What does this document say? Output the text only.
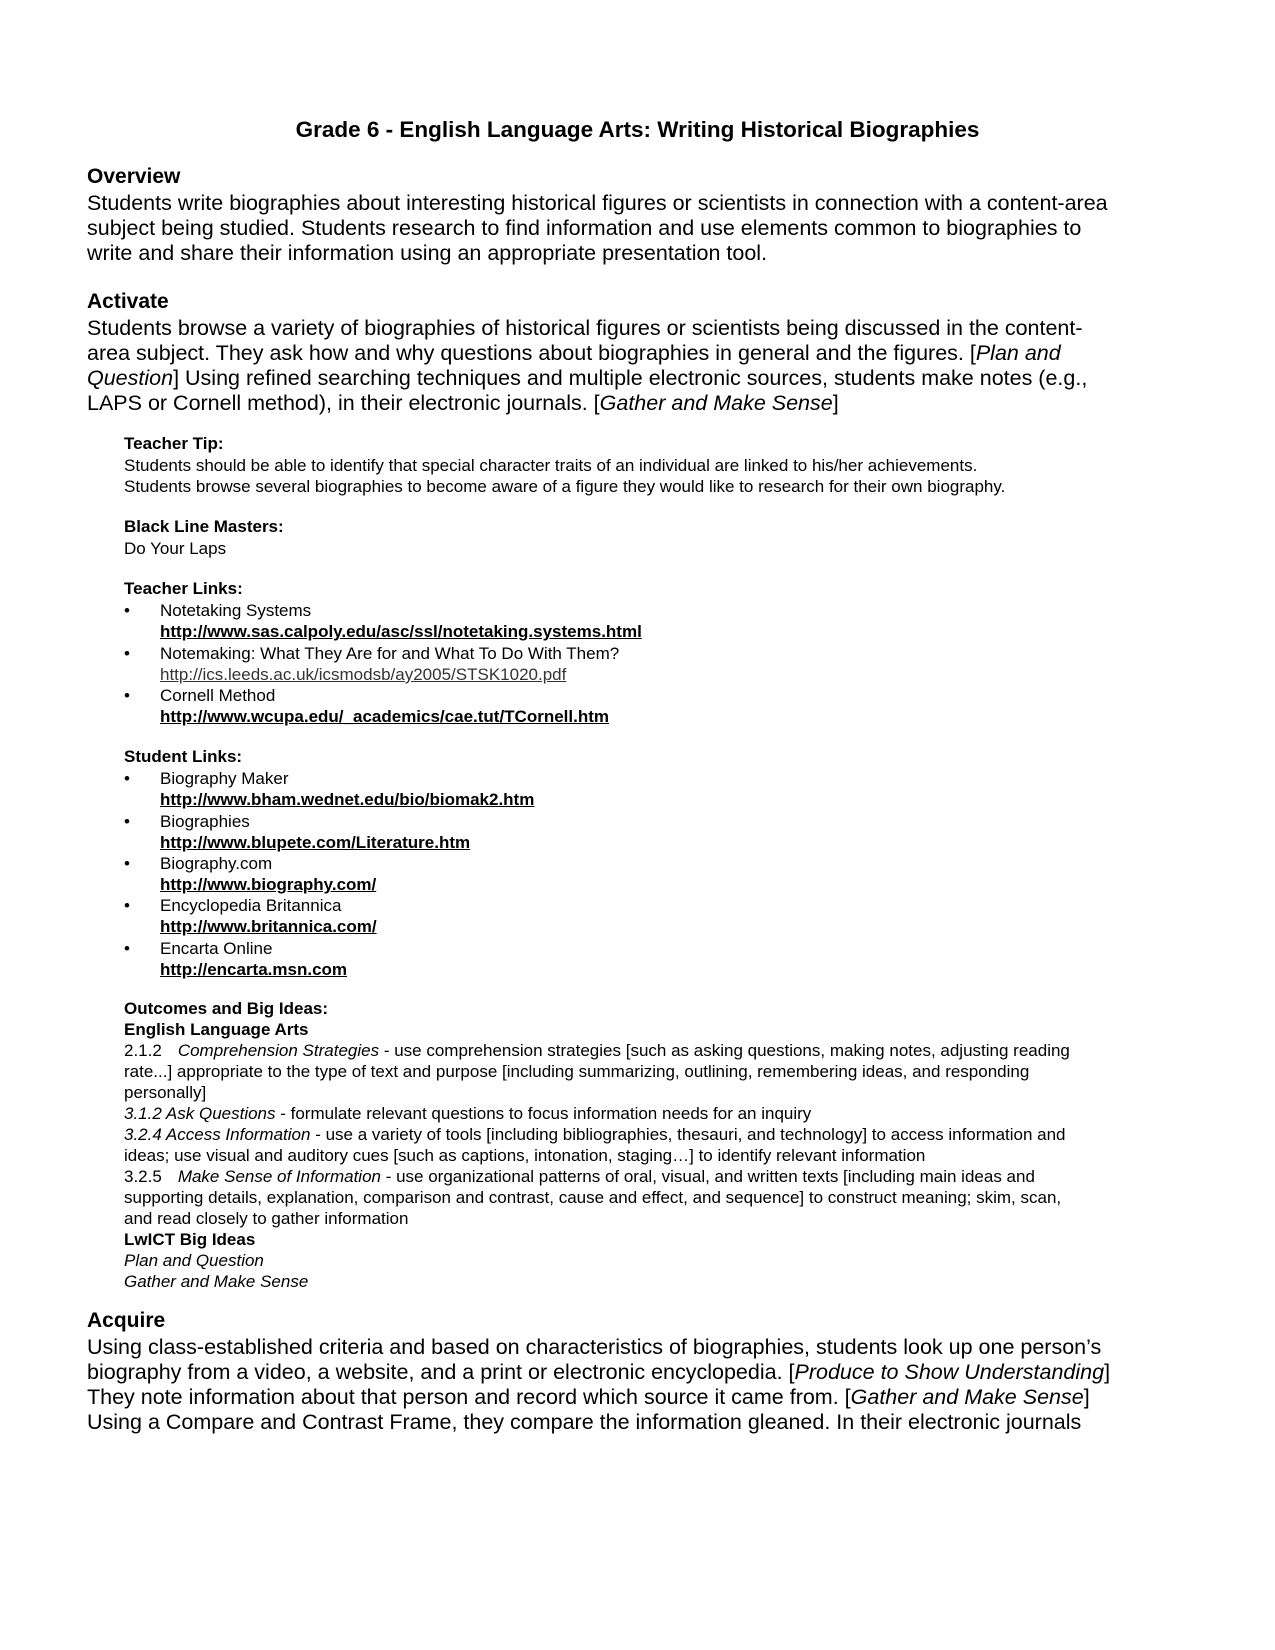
Grade 6 - English Language Arts: Writing Historical Biographies
Overview
Students write biographies about interesting historical figures or scientists in connection with a content-area
subject being studied. Students research to find information and use elements common to biographies to
write and share their information using an appropriate presentation tool.
Activate
Students browse a variety of biographies of historical figures or scientists being discussed in the content-
area subject. They ask how and why questions about biographies in general and the figures. [Plan and
Question] Using refined searching techniques and multiple electronic sources, students make notes (e.g.,
LAPS or Cornell method), in their electronic journals. [Gather and Make Sense]
Teacher Tip:
Students should be able to identify that special character traits of an individual are linked to his/her achievements.
Students browse several biographies to become aware of a figure they would like to research for their own biography.
Black Line Masters:
Do Your Laps
Teacher Links:
• Notetaking Systems
http://www.sas.calpoly.edu/asc/ssl/notetaking.systems.html
• Notemaking: What They Are for and What To Do With Them?
http://ics.leeds.ac.uk/icsmodsb/ay2005/STSK1020.pdf
• Cornell Method
http://www.wcupa.edu/_academics/cae.tut/TCornell.htm
Student Links:
• Biography Maker
http://www.bham.wednet.edu/bio/biomak2.htm
• Biographies
http://www.blupete.com/Literature.htm
• Biography.com
http://www.biography.com/
• Encyclopedia Britannica
http://www.britannica.com/
• Encarta Online
http://encarta.msn.com
Outcomes and Big Ideas:
English Language Arts
2.1.2 Comprehension Strategies - use comprehension strategies [such as asking questions, making notes, adjusting reading
rate...] appropriate to the type of text and purpose [including summarizing, outlining, remembering ideas, and responding
personally]
3.1.2 Ask Questions - formulate relevant questions to focus information needs for an inquiry
3.2.4 Access Information - use a variety of tools [including bibliographies, thesauri, and technology] to access information and
ideas; use visual and auditory cues [such as captions, intonation, staging…] to identify relevant information
3.2.5 Make Sense of Information - use organizational patterns of oral, visual, and written texts [including main ideas and
supporting details, explanation, comparison and contrast, cause and effect, and sequence] to construct meaning; skim, scan,
and read closely to gather information
LwICT Big Ideas
Plan and Question
Gather and Make Sense
Acquire
Using class-established criteria and based on characteristics of biographies, students look up one person’s
biography from a video, a website, and a print or electronic encyclopedia. [Produce to Show Understanding]
They note information about that person and record which source it came from. [Gather and Make Sense]
Using a Compare and Contrast Frame, they compare the information gleaned. In their electronic journals
